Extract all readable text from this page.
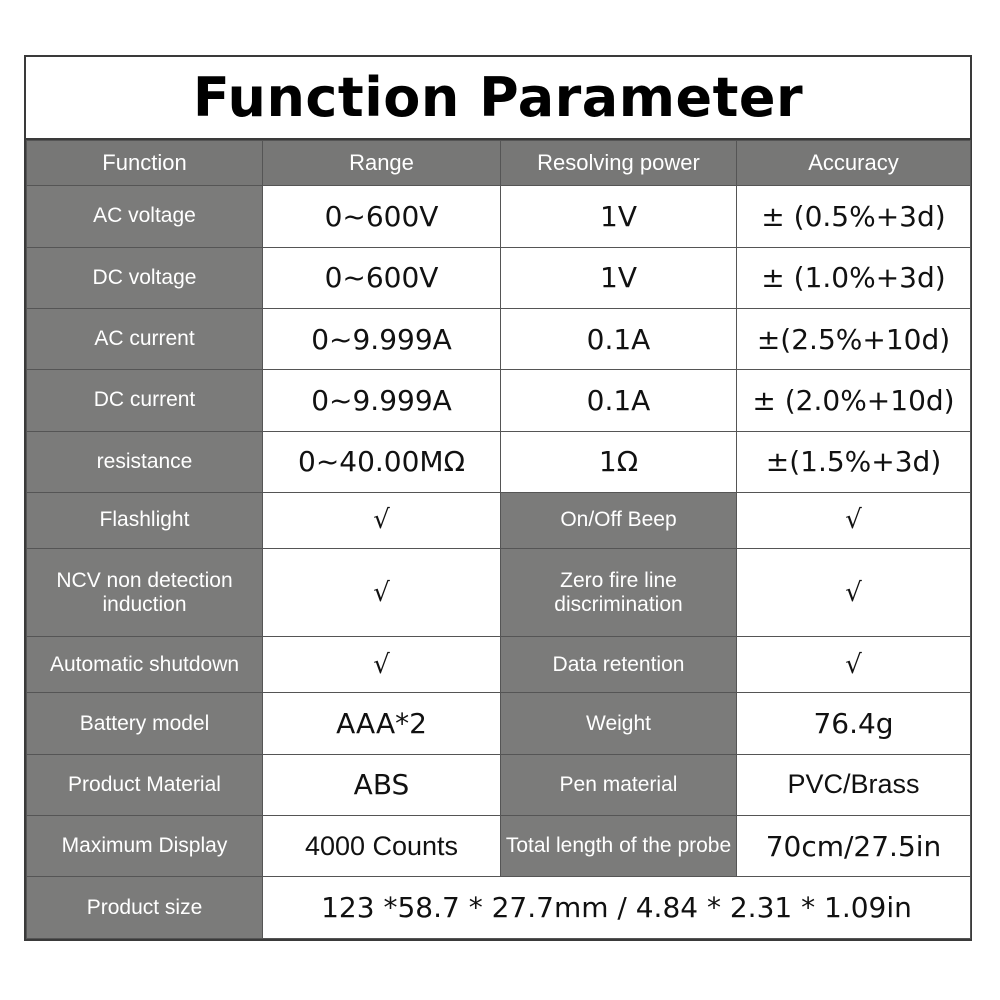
Function Parameter
Function	Range	Resolving power	Accuracy
AC voltage	0~600V	1V	± (0.5%+3d)
DC voltage	0~600V	1V	± (1.0%+3d)
AC current	0~9.999A	0.1A	±(2.5%+10d)
DC current	0~9.999A	0.1A	± (2.0%+10d)
resistance	0~40.00MΩ	1Ω	±(1.5%+3d)
Flashlight	√	On/Off Beep	√
NCV non detection induction	√	Zero fire line discrimination	√
Automatic shutdown	√	Data retention	√
Battery model	AAA*2	Weight	76.4g
Product Material	ABS	Pen material	PVC/Brass
Maximum Display	4000 Counts	Total length of the probe	70cm/27.5in
Product size	123 *58.7 * 27.7mm / 4.84 * 2.31 * 1.09in		
